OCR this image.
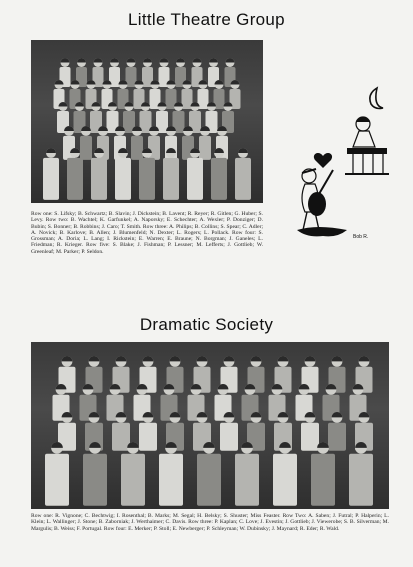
Little Theatre Group
Row one: S. Lifsky; B. Schwartz; B. Slavin; J. Dickstein; B. Lavent; R. Reyer; R. Gitlen; G. Huber; S. Levy. Row two: B. Wachtel; K. Garfunkel; A. Naporsky; E. Schechter; A. Wexler; P. Donziger; D. Bubin; S. Bonner; B. Robbins; J. Caro; T. Smith. Row three: A. Philips; B. Collins; S. Spear; C. Adler; A. Novick; B. Karlove; B. Allen; J. Blumenfeld; N. Dexter; L. Rogers; L. Pollack. Row four: S. Grossman; A. Doria; L. Lang; I. Rickstein; E. Warren; E. Braune; N. Borgman; J. Ganeles; L. Friedman; R. Krieger. Row five: S. Blake; J. Fishman; P. Lessner; M. Lefferts; J. Gottlieb; W. Greenleaf; M. Parker; P. Seldon.
Bob R.
Dramatic Society
Row one: R. Vignone; C. Bechtwig; I. Rosenthal; B. Marks; M. Segal; H. Belsky; S. Shuster; Miss Feaster. Row Two: A. Saben; J. Futral; P. Halperin; L. Klein; L. Wallinger; J. Stone; B. Zaborniak; J. Werthaimer; C. Davis. Row three: P. Kaplan; C. Love; J. Evestin; J. Gottlieb; J. Viewerobe; S. B. Silverman; M. Margulis; B. Weiss; F. Portugal. Row four: E. Merker; P. Stoll; E. Newberger; P. Schleyman; W. Dubinsky; J. Maynard; R. Eder; R. Wald.
